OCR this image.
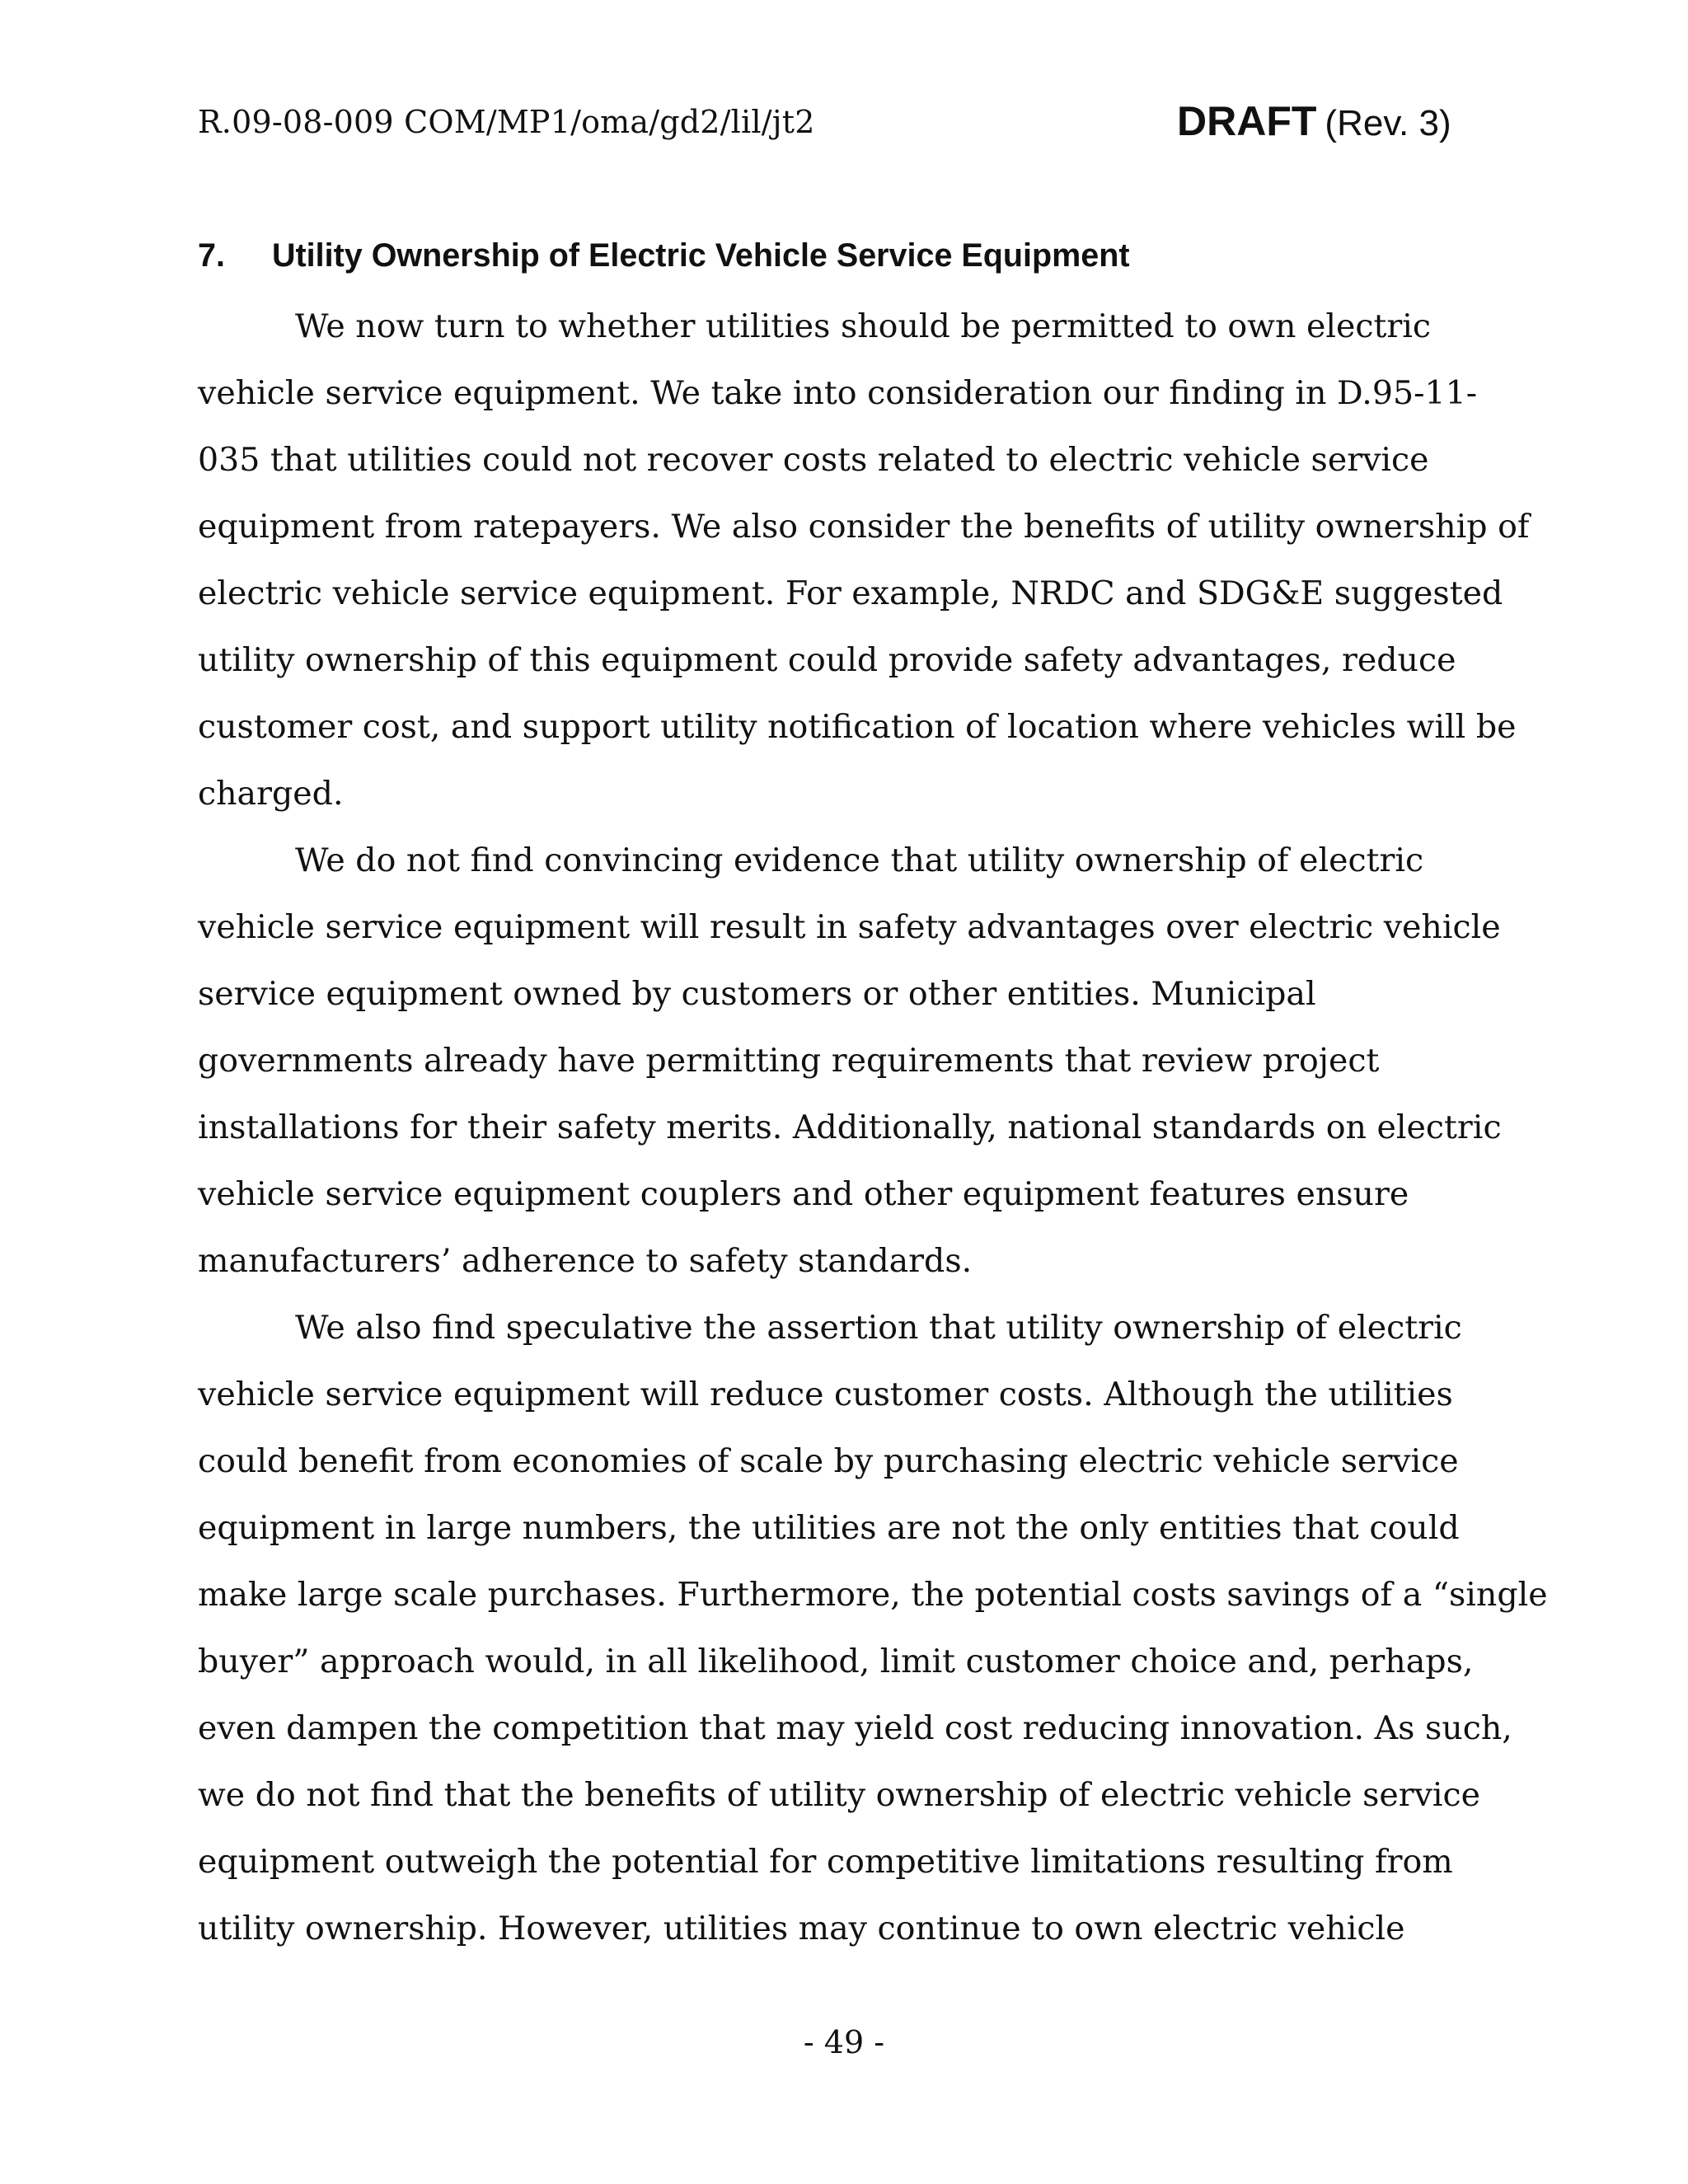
R.09-08-009 COM/MP1/oma/gd2/lil/jt2	DRAFT (Rev. 3)
7. Utility Ownership of Electric Vehicle Service Equipment

We now turn to whether utilities should be permitted to own electric
vehicle service equipment. We take into consideration our finding in D.95-11-
035 that utilities could not recover costs related to electric vehicle service
equipment from ratepayers. We also consider the benefits of utility ownership of
electric vehicle service equipment. For example, NRDC and SDG&E suggested
utility ownership of this equipment could provide safety advantages, reduce
customer cost, and support utility notification of location where vehicles will be
charged.

We do not find convincing evidence that utility ownership of electric
vehicle service equipment will result in safety advantages over electric vehicle
service equipment owned by customers or other entities. Municipal
governments already have permitting requirements that review project
installations for their safety merits. Additionally, national standards on electric
vehicle service equipment couplers and other equipment features ensure
manufacturers’ adherence to safety standards.

We also find speculative the assertion that utility ownership of electric
vehicle service equipment will reduce customer costs. Although the utilities
could benefit from economies of scale by purchasing electric vehicle service
equipment in large numbers, the utilities are not the only entities that could
make large scale purchases. Furthermore, the potential costs savings of a “single
buyer” approach would, in all likelihood, limit customer choice and, perhaps,
even dampen the competition that may yield cost reducing innovation. As such,
we do not find that the benefits of utility ownership of electric vehicle service
equipment outweigh the potential for competitive limitations resulting from
utility ownership. However, utilities may continue to own electric vehicle

- 49 -
